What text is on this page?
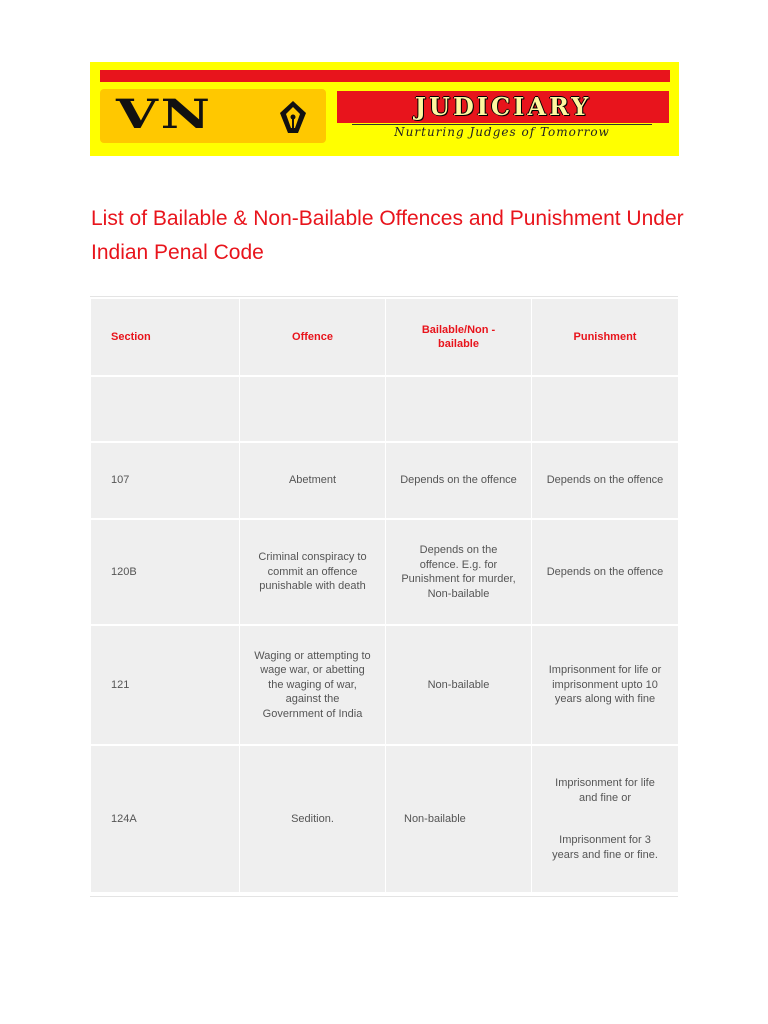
VN	JUDICIARY
Nurturing Judges of Tomorrow
List of Bailable & Non-Bailable Offences and Punishment Under Indian Penal Code
Section	Offence	Bailable/Non - bailable	Punishment

107	Abetment	Depends on the offence	Depends on the offence
120B	Criminal conspiracy to commit an offence punishable with death	Depends on the offence. E.g. for Punishment for murder, Non-bailable	Depends on the offence
121	Waging or attempting to wage war, or abetting the waging of war, against the Government of India	Non-bailable	Imprisonment for life or imprisonment upto 10 years along with fine
124A	Sedition.	Non-bailable	Imprisonment for life and fine or
Imprisonment for 3 years and fine or fine.
